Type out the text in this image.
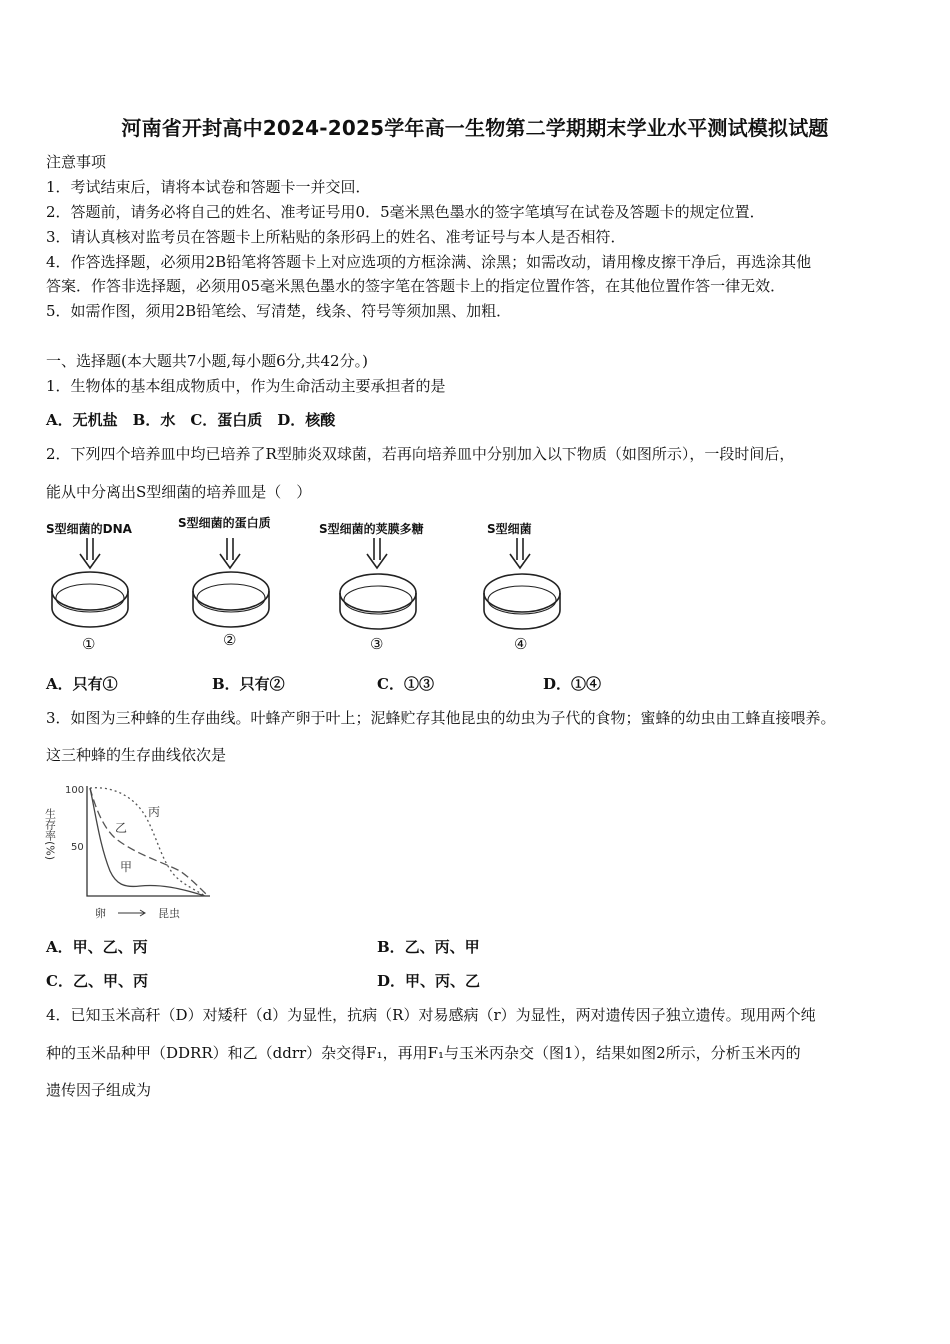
河南省开封高中2024-2025学年高一生物第二学期期末学业水平测试模拟试题
注意事项
1．考试结束后，请将本试卷和答题卡一并交回．
2．答题前，请务必将自己的姓名、准考证号用0．5毫米黑色墨水的签字笔填写在试卷及答题卡的规定位置．
3．请认真核对监考员在答题卡上所粘贴的条形码上的姓名、准考证号与本人是否相符．
4．作答选择题，必须用2B铅笔将答题卡上对应选项的方框涂满、涂黑；如需改动，请用橡皮擦干净后，再选涂其他
答案．作答非选择题，必须用05毫米黑色墨水的签字笔在答题卡上的指定位置作答，在其他位置作答一律无效．
5．如需作图，须用2B铅笔绘、写清楚，线条、符号等须加黑、加粗．
一、选择题(本大题共7小题,每小题6分,共42分。)
1．生物体的基本组成物质中，作为生命活动主要承担者的是
A．无机盐　B．水　C．蛋白质　D．核酸
2．下列四个培养皿中均已培养了R型肺炎双球菌，若再向培养皿中分别加入以下物质（如图所示），一段时间后，
能从中分离出S型细菌的培养皿是（　）
S型细菌的DNA	S型细菌的蛋白质	S型细菌的荚膜多糖	S型细菌
①	②	③	④
A．只有①	B．只有②	C．①③	D．①④
3．如图为三种蜂的生存曲线。叶蜂产卵于叶上；泥蜂贮存其他昆虫的幼虫为子代的食物；蜜蜂的幼虫由工蜂直接喂养。
这三种蜂的生存曲线依次是
生存率(%)
100
50
丙
乙
甲
卵	昆虫
A．甲、乙、丙	B．乙、丙、甲
C．乙、甲、丙	D．甲、丙、乙
4．已知玉米高秆（D）对矮秆（d）为显性，抗病（R）对易感病（r）为显性，两对遗传因子独立遗传。现用两个纯
种的玉米品种甲（DDRR）和乙（ddrr）杂交得F₁，再用F₁与玉米丙杂交（图1），结果如图2所示，分析玉米丙的
遗传因子组成为
